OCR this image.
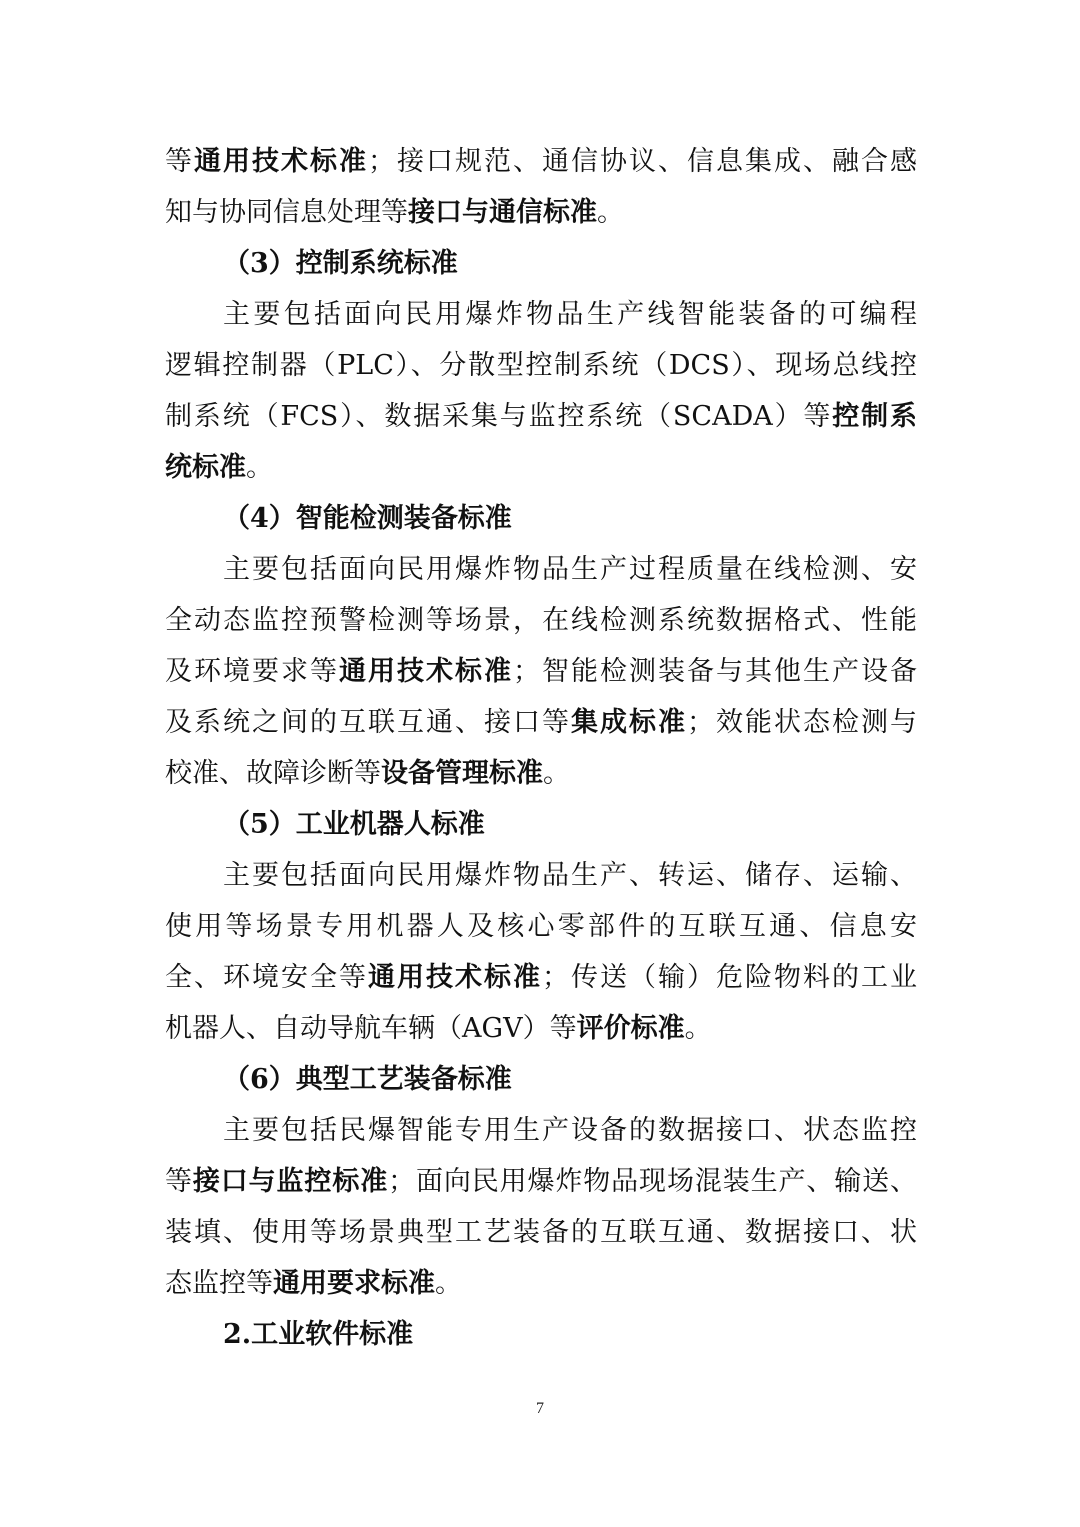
等通用技术标准；接口规范、通信协议、信息集成、融合感
知与协同信息处理等接口与通信标准。
（3）控制系统标准
主要包括面向民用爆炸物品生产线智能装备的可编程
逻辑控制器（PLC）、分散型控制系统（DCS）、现场总线控
制系统（FCS）、数据采集与监控系统（SCADA）等控制系
统标准。
（4）智能检测装备标准
主要包括面向民用爆炸物品生产过程质量在线检测、安
全动态监控预警检测等场景，在线检测系统数据格式、性能
及环境要求等通用技术标准；智能检测装备与其他生产设备
及系统之间的互联互通、接口等集成标准；效能状态检测与
校准、故障诊断等设备管理标准。
（5）工业机器人标准
主要包括面向民用爆炸物品生产、转运、储存、运输、
使用等场景专用机器人及核心零部件的互联互通、信息安
全、环境安全等通用技术标准；传送（输）危险物料的工业
机器人、自动导航车辆（AGV）等评价标准。
（6）典型工艺装备标准
主要包括民爆智能专用生产设备的数据接口、状态监控
等接口与监控标准；面向民用爆炸物品现场混装生产、输送、
装填、使用等场景典型工艺装备的互联互通、数据接口、状
态监控等通用要求标准。
2.工业软件标准
7
